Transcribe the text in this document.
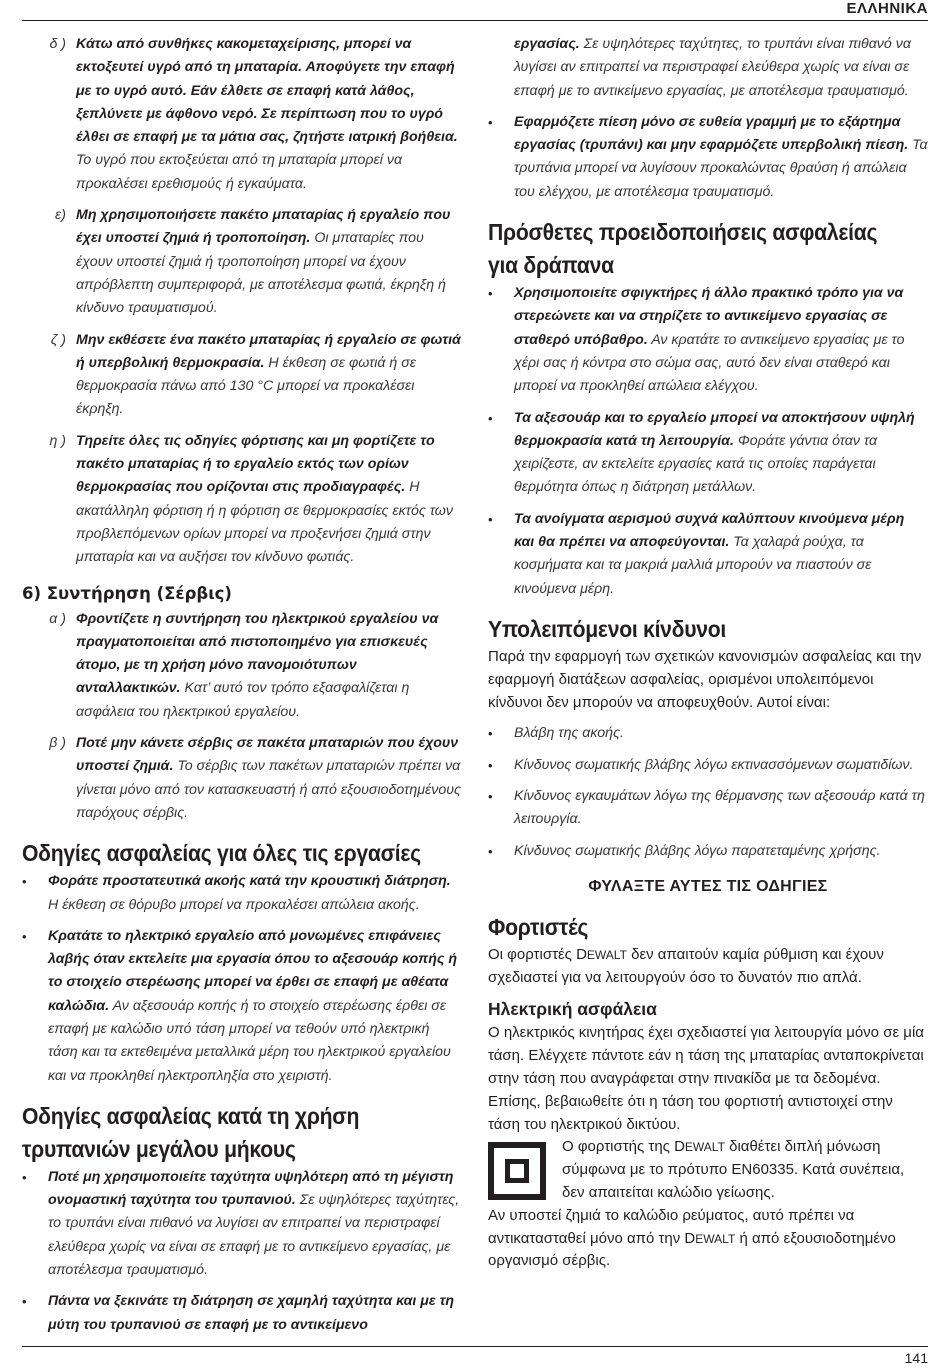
ΕΛΛΗΝΙΚΑ
δ ) Κάτω από συνθήκες κακομεταχείρισης, μπορεί να εκτοξευτεί υγρό από τη μπαταρία. Αποφύγετε την επαφή με το υγρό αυτό. Εάν έλθετε σε επαφή κατά λάθος, ξεπλύνετε με άφθονο νερό. Σε περίπτωση που το υγρό έλθει σε επαφή με τα μάτια σας, ζητήστε ιατρική βοήθεια. Το υγρό που εκτοξεύεται από τη μπαταρία μπορεί να προκαλέσει ερεθισμούς ή εγκαύματα.
ε) Μη χρησιμοποιήσετε πακέτο μπαταρίας ή εργαλείο που έχει υποστεί ζημιά ή τροποποίηση. Οι μπαταρίες που έχουν υποστεί ζημιά ή τροποποίηση μπορεί να έχουν απρόβλεπτη συμπεριφορά, με αποτέλεσμα φωτιά, έκρηξη ή κίνδυνο τραυματισμού.
ζ ) Μην εκθέσετε ένα πακέτο μπαταρίας ή εργαλείο σε φωτιά ή υπερβολική θερμοκρασία. Η έκθεση σε φωτιά ή σε θερμοκρασία πάνω από 130 °C μπορεί να προκαλέσει έκρηξη.
η ) Τηρείτε όλες τις οδηγίες φόρτισης και μη φορτίζετε το πακέτο μπαταρίας ή το εργαλείο εκτός των ορίων θερμοκρασίας που ορίζονται στις προδιαγραφές. Η ακατάλληλη φόρτιση ή η φόρτιση σε θερμοκρασίες εκτός των προβλεπόμενων ορίων μπορεί να προξενήσει ζημιά στην μπαταρία και να αυξήσει τον κίνδυνο φωτιάς.
6) Συντήρηση (Σέρβις)
α ) Φροντίζετε η συντήρηση του ηλεκτρικού εργαλείου να πραγματοποιείται από πιστοποιημένο για επισκευές άτομο, με τη χρήση μόνο πανομοιότυπων ανταλλακτικών. Κατ’ αυτό τον τρόπο εξασφαλίζεται η ασφάλεια του ηλεκτρικού εργαλείου.
β ) Ποτέ μην κάνετε σέρβις σε πακέτα μπαταριών που έχουν υποστεί ζημιά. Το σέρβις των πακέτων μπαταριών πρέπει να γίνεται μόνο από τον κατασκευαστή ή από εξουσιοδοτημένους παρόχους σέρβις.
Οδηγίες ασφαλείας για όλες τις εργασίες
•	Φοράτε προστατευτικά ακοής κατά την κρουστική διάτρηση. Η έκθεση σε θόρυβο μπορεί να προκαλέσει απώλεια ακοής.
•	Κρατάτε το ηλεκτρικό εργαλείο από μονωμένες επιφάνειες λαβής όταν εκτελείτε μια εργασία όπου το αξεσουάρ κοπής ή το στοιχείο στερέωσης μπορεί να έρθει σε επαφή με αθέατα καλώδια. Αν αξεσουάρ κοπής ή το στοιχείο στερέωσης έρθει σε επαφή με καλώδιο υπό τάση μπορεί να τεθούν υπό ηλεκτρική τάση και τα εκτεθειμένα μεταλλικά μέρη του ηλεκτρικού εργαλείου και να προκληθεί ηλεκτροπληξία στο χειριστή.
Οδηγίες ασφαλείας κατά τη χρήση
τρυπανιών μεγάλου μήκους
•	Ποτέ μη χρησιμοποιείτε ταχύτητα υψηλότερη από τη μέγιστη ονομαστική ταχύτητα του τρυπανιού. Σε υψηλότερες ταχύτητες, το τρυπάνι είναι πιθανό να λυγίσει αν επιτραπεί να περιστραφεί ελεύθερα χωρίς να είναι σε επαφή με το αντικείμενο εργασίας, με αποτέλεσμα τραυματισμό.
•	Πάντα να ξεκινάτε τη διάτρηση σε χαμηλή ταχύτητα και με τη μύτη του τρυπανιού σε επαφή με το αντικείμενο
εργασίας. Σε υψηλότερες ταχύτητες, το τρυπάνι είναι πιθανό να λυγίσει αν επιτραπεί να περιστραφεί ελεύθερα χωρίς να είναι σε επαφή με το αντικείμενο εργασίας, με αποτέλεσμα τραυματισμό.
•	Εφαρμόζετε πίεση μόνο σε ευθεία γραμμή με το εξάρτημα εργασίας (τρυπάνι) και μην εφαρμόζετε υπερβολική πίεση. Τα τρυπάνια μπορεί να λυγίσουν προκαλώντας θραύση ή απώλεια του ελέγχου, με αποτέλεσμα τραυματισμό.
Πρόσθετες προειδοποιήσεις ασφαλείας
για δράπανα
•	Χρησιμοποιείτε σφιγκτήρες ή άλλο πρακτικό τρόπο για να στερεώνετε και να στηρίζετε το αντικείμενο εργασίας σε σταθερό υπόβαθρο. Αν κρατάτε το αντικείμενο εργασίας με το χέρι σας ή κόντρα στο σώμα σας, αυτό δεν είναι σταθερό και μπορεί να προκληθεί απώλεια ελέγχου.
•	Τα αξεσουάρ και το εργαλείο μπορεί να αποκτήσουν υψηλή θερμοκρασία κατά τη λειτουργία. Φοράτε γάντια όταν τα χειρίζεστε, αν εκτελείτε εργασίες κατά τις οποίες παράγεται θερμότητα όπως η διάτρηση μετάλλων.
•	Τα ανοίγματα αερισμού συχνά καλύπτουν κινούμενα μέρη και θα πρέπει να αποφεύγονται. Τα χαλαρά ρούχα, τα κοσμήματα και τα μακριά μαλλιά μπορούν να πιαστούν σε κινούμενα μέρη.
Υπολειπόμενοι κίνδυνοι
Παρά την εφαρμογή των σχετικών κανονισμών ασφαλείας και την εφαρμογή διατάξεων ασφαλείας, ορισμένοι υπολειπόμενοι κίνδυνοι δεν μπορούν να αποφευχθούν. Αυτοί είναι:
•	Βλάβη της ακοής.
•	Κίνδυνος σωματικής βλάβης λόγω εκτινασσόμενων σωματιδίων.
•	Κίνδυνος εγκαυμάτων λόγω της θέρμανσης των αξεσουάρ κατά τη λειτουργία.
•	Κίνδυνος σωματικής βλάβης λόγω παρατεταμένης χρήσης.
ΦΥΛΑΞΤΕ ΑΥΤΕΣ ΤΙΣ ΟΔΗΓΙΕΣ
Φορτιστές
Οι φορτιστές DEWALT δεν απαιτούν καμία ρύθμιση και έχουν σχεδιαστεί για να λειτουργούν όσο το δυνατόν πιο απλά.
Ηλεκτρική ασφάλεια
Ο ηλεκτρικός κινητήρας έχει σχεδιαστεί για λειτουργία μόνο σε μία τάση. Ελέγχετε πάντοτε εάν η τάση της μπαταρίας ανταποκρίνεται στην τάση που αναγράφεται στην πινακίδα με τα δεδομένα. Επίσης, βεβαιωθείτε ότι η τάση του φορτιστή αντιστοιχεί στην τάση του ηλεκτρικού δικτύου.
Ο φορτιστής της DEWALT διαθέτει διπλή μόνωση σύμφωνα με το πρότυπο EN60335. Κατά συνέπεια, δεν απαιτείται καλώδιο γείωσης.
Αν υποστεί ζημιά το καλώδιο ρεύματος, αυτό πρέπει να αντικατασταθεί μόνο από την DEWALT ή από εξουσιοδοτημένο οργανισμό σέρβις.
141
